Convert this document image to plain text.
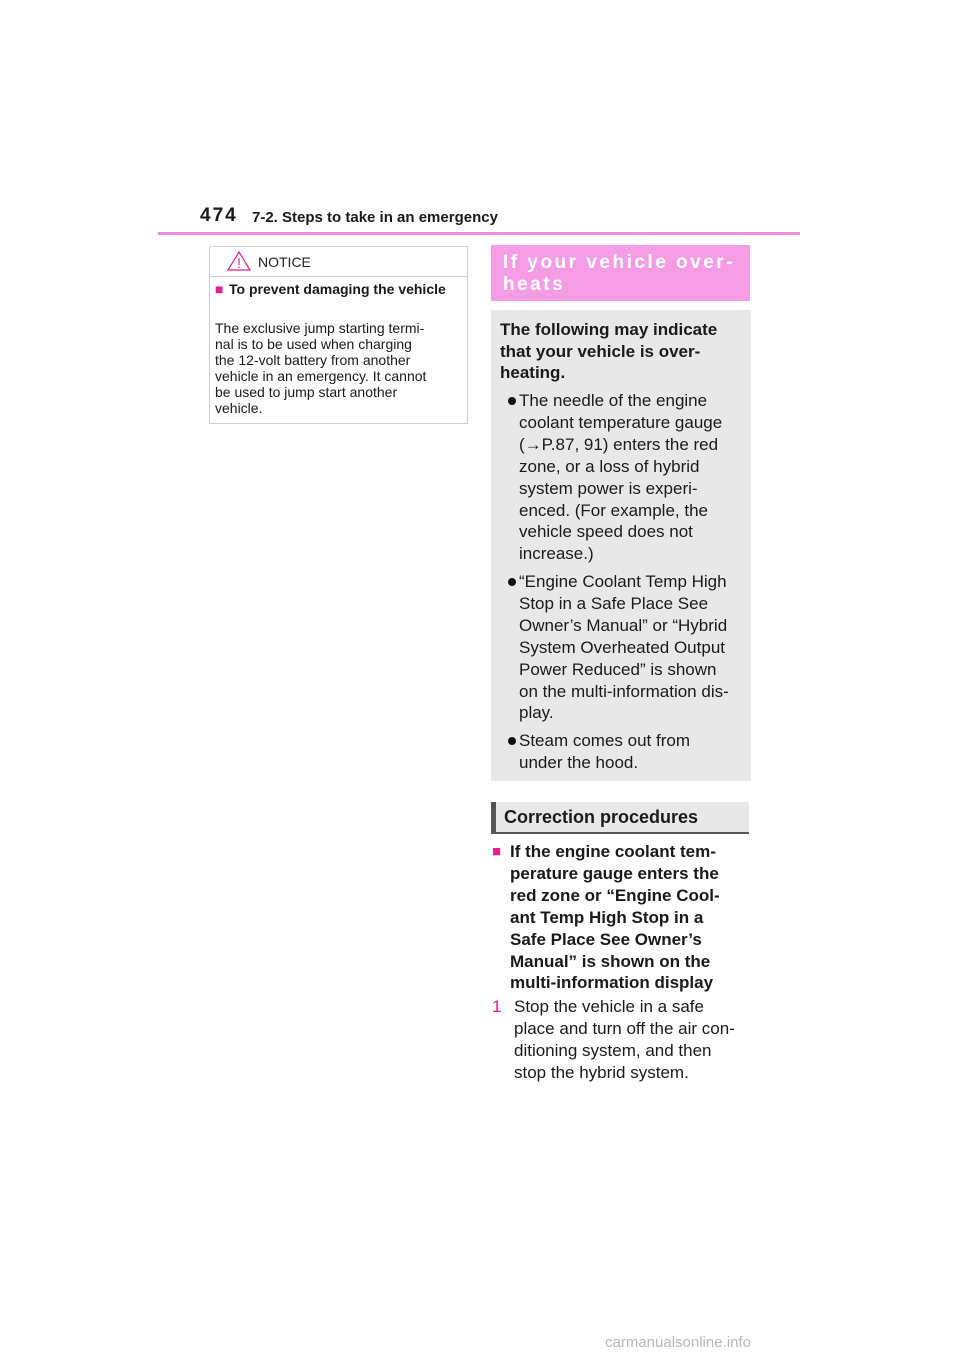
474 7-2. Steps to take in an emergency
NOTICE
■ To prevent damaging the vehicle
The exclusive jump starting termi-
nal is to be used when charging
the 12-volt battery from another
vehicle in an emergency. It cannot
be used to jump start another
vehicle.
If your vehicle over-
heats
The following may indicate
that your vehicle is over-
heating.
The needle of the engine
coolant temperature gauge
(→P.87, 91) enters the red
zone, or a loss of hybrid
system power is experi-
enced. (For example, the
vehicle speed does not
increase.)
“Engine Coolant Temp High
Stop in a Safe Place See
Owner’s Manual” or “Hybrid
System Overheated Output
Power Reduced” is shown
on the multi-information dis-
play.
Steam comes out from
under the hood.
Correction procedures
■ If the engine coolant tem-
perature gauge enters the
red zone or “Engine Cool-
ant Temp High Stop in a
Safe Place See Owner’s
Manual” is shown on the
multi-information display
1 Stop the vehicle in a safe
place and turn off the air con-
ditioning system, and then
stop the hybrid system.
carmanualsonline.info
